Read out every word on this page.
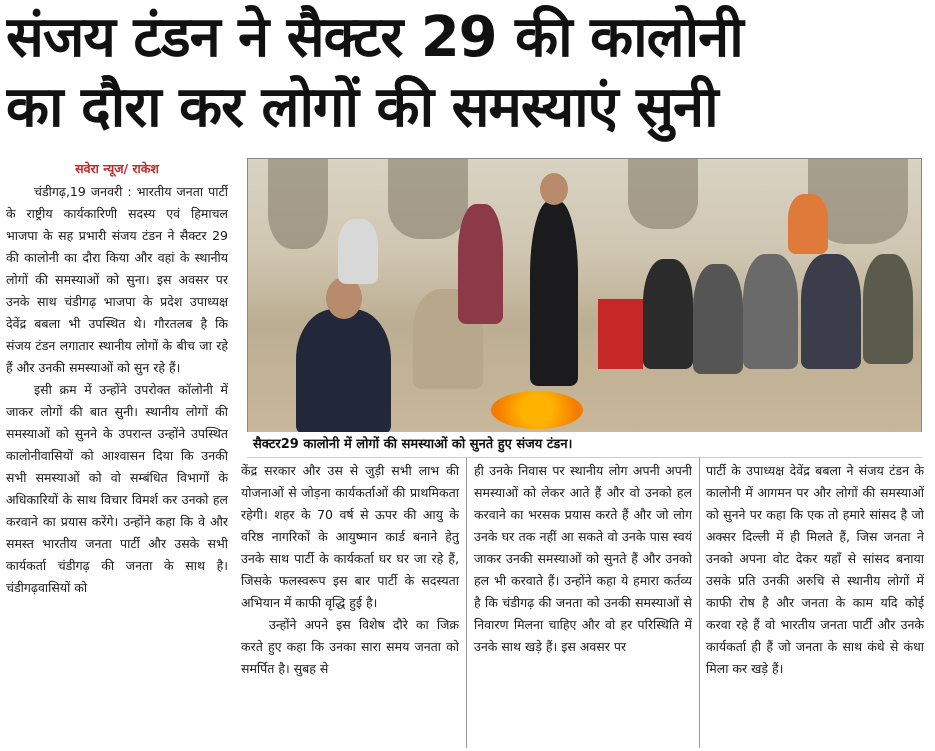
संजय टंडन ने सैक्टर 29 की कालोनी
का दौरा कर लोगों की समस्याएं सुनी

सवेरा न्यूज/ राकेश

चंडीगढ़,19 जनवरी : भारतीय जनता पार्टी के राष्ट्रीय कार्यकारिणी सदस्य एवं हिमाचल भाजपा के सह प्रभारी संजय टंडन ने सैक्टर 29 की कालोनी का दौरा किया और वहां के स्थानीय लोगों की समस्याओं को सुना। इस अवसर पर उनके साथ चंडीगढ़ भाजपा के प्रदेश उपाध्यक्ष देवेंद्र बबला भी उपस्थित थे। गौरतलब है कि संजय टंडन लगातार स्थानीय लोगों के बीच जा रहे हैं और उनकी समस्याओं को सुन रहे हैं।

इसी क्रम में उन्होंने उपरोक्त कॉलोनी में जाकर लोगों की बात सुनी। स्थानीय लोगों की समस्याओं को सुनने के उपरान्त उन्होंने उपस्थित कालोनीवासियों को आश्वासन दिया कि उनकी सभी समस्याओं को वो सम्बंधित विभागों के अधिकारियों के साथ विचार विमर्श कर उनको हल करवाने का प्रयास करेंगे। उन्होंने कहा कि वे और समस्त भारतीय जनता पार्टी और उसके सभी कार्यकर्ता चंडीगढ़ की जनता के साथ है। चंडीगढ़वासियों को

सैक्टर29 कालोनी में लोगों की समस्याओं को सुनते हुए संजय टंडन।

केंद्र सरकार और उस से जुड़ी सभी लाभ की योजनाओं से जोड़ना कार्यकर्ताओं की प्राथमिकता रहेगी। शहर के 70 वर्ष से ऊपर की आयु के वरिष्ठ नागरिकों के आयुष्मान कार्ड बनाने हेतु उनके साथ पार्टी के कार्यकर्ता घर घर जा रहे हैं, जिसके फलस्वरूप इस बार पार्टी के सदस्यता अभियान में काफी वृद्धि हुई है।

उन्होंने अपने इस विशेष दौरे का जिक्र करते हुए कहा कि उनका सारा समय जनता को समर्पित है। सुबह से

ही उनके निवास पर स्थानीय लोग अपनी अपनी समस्याओं को लेकर आते हैं और वो उनको हल करवाने का भरसक प्रयास करते हैं और जो लोग उनके घर तक नहीं आ सकते वो उनके पास स्वयं जाकर उनकी समस्याओं को सुनते हैं और उनको हल भी करवाते हैं। उन्होंने कहा ये हमारा कर्तव्य है कि चंडीगढ़ की जनता को उनकी समस्याओं से निवारण मिलना चाहिए और वो हर परिस्थिति में उनके साथ खड़े हैं। इस अवसर पर

पार्टी के उपाध्यक्ष देवेंद्र बबला ने संजय टंडन के कालोनी में आगमन पर और लोगों की समस्याओं को सुनने पर कहा कि एक तो हमारे सांसद है जो अक्सर दिल्ली में ही मिलते हैं, जिस जनता ने उनको अपना वोट देकर यहाँ से सांसद बनाया उसके प्रति उनकी अरुचि से स्थानीय लोगों में काफी रोष है और जनता के काम यदि कोई करवा रहे हैं वो भारतीय जनता पार्टी और उनके कार्यकर्ता ही हैं जो जनता के साथ कंधे से कंधा मिला कर खड़े हैं।
